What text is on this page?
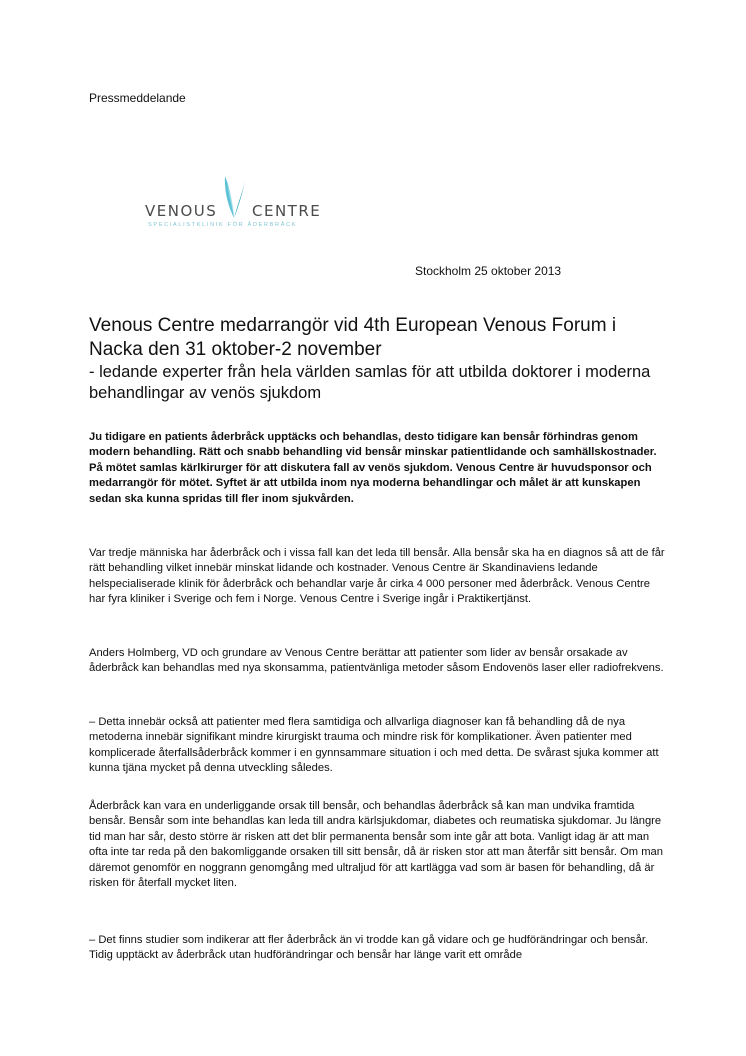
Pressmeddelande
VENOUS CENTRE
SPECIALISTKLINIK FÖR ÅDERBRÅCK
Stockholm 25 oktober 2013
Venous Centre medarrangör vid 4th European Venous Forum i Nacka den 31 oktober-2 november

- ledande experter från hela världen samlas för att utbilda doktorer i moderna behandlingar av venös sjukdom

Ju tidigare en patients åderbråck upptäcks och behandlas, desto tidigare kan bensår förhindras genom modern behandling. Rätt och snabb behandling vid bensår minskar patientlidande och samhällskostnader. På mötet samlas kärlkirurger för att diskutera fall av venös sjukdom. Venous Centre är huvudsponsor och medarrangör för mötet. Syftet är att utbilda inom nya moderna behandlingar och målet är att kunskapen sedan ska kunna spridas till fler inom sjukvården.

Var tredje människa har åderbråck och i vissa fall kan det leda till bensår. Alla bensår ska ha en diagnos så att de får rätt behandling vilket innebär minskat lidande och kostnader. Venous Centre är Skandinaviens ledande helspecialiserade klinik för åderbråck och behandlar varje år cirka 4 000 personer med åderbråck. Venous Centre har fyra kliniker i Sverige och fem i Norge. Venous Centre i Sverige ingår i Praktikertjänst.

Anders Holmberg, VD och grundare av Venous Centre berättar att patienter som lider av bensår orsakade av åderbråck kan behandlas med nya skonsamma, patientvänliga metoder såsom Endovenös laser eller radiofrekvens.

– Detta innebär också att patienter med flera samtidiga och allvarliga diagnoser kan få behandling då de nya metoderna innebär signifikant mindre kirurgiskt trauma och mindre risk för komplikationer. Även patienter med komplicerade återfallsåderbråck kommer i en gynnsammare situation i och med detta. De svårast sjuka kommer att kunna tjäna mycket på denna utveckling således.

Åderbråck kan vara en underliggande orsak till bensår, och behandlas åderbråck så kan man undvika framtida bensår. Bensår som inte behandlas kan leda till andra kärlsjukdomar, diabetes och reumatiska sjukdomar. Ju längre tid man har sår, desto större är risken att det blir permanenta bensår som inte går att bota. Vanligt idag är att man ofta inte tar reda på den bakomliggande orsaken till sitt bensår, då är risken stor att man återfår sitt bensår. Om man däremot genomför en noggrann genomgång med ultraljud för att kartlägga vad som är basen för behandling, då är risken för återfall mycket liten.

– Det finns studier som indikerar att fler åderbråck än vi trodde kan gå vidare och ge hudförändringar och bensår. Tidig upptäckt av åderbråck utan hudförändringar och bensår har länge varit ett område
